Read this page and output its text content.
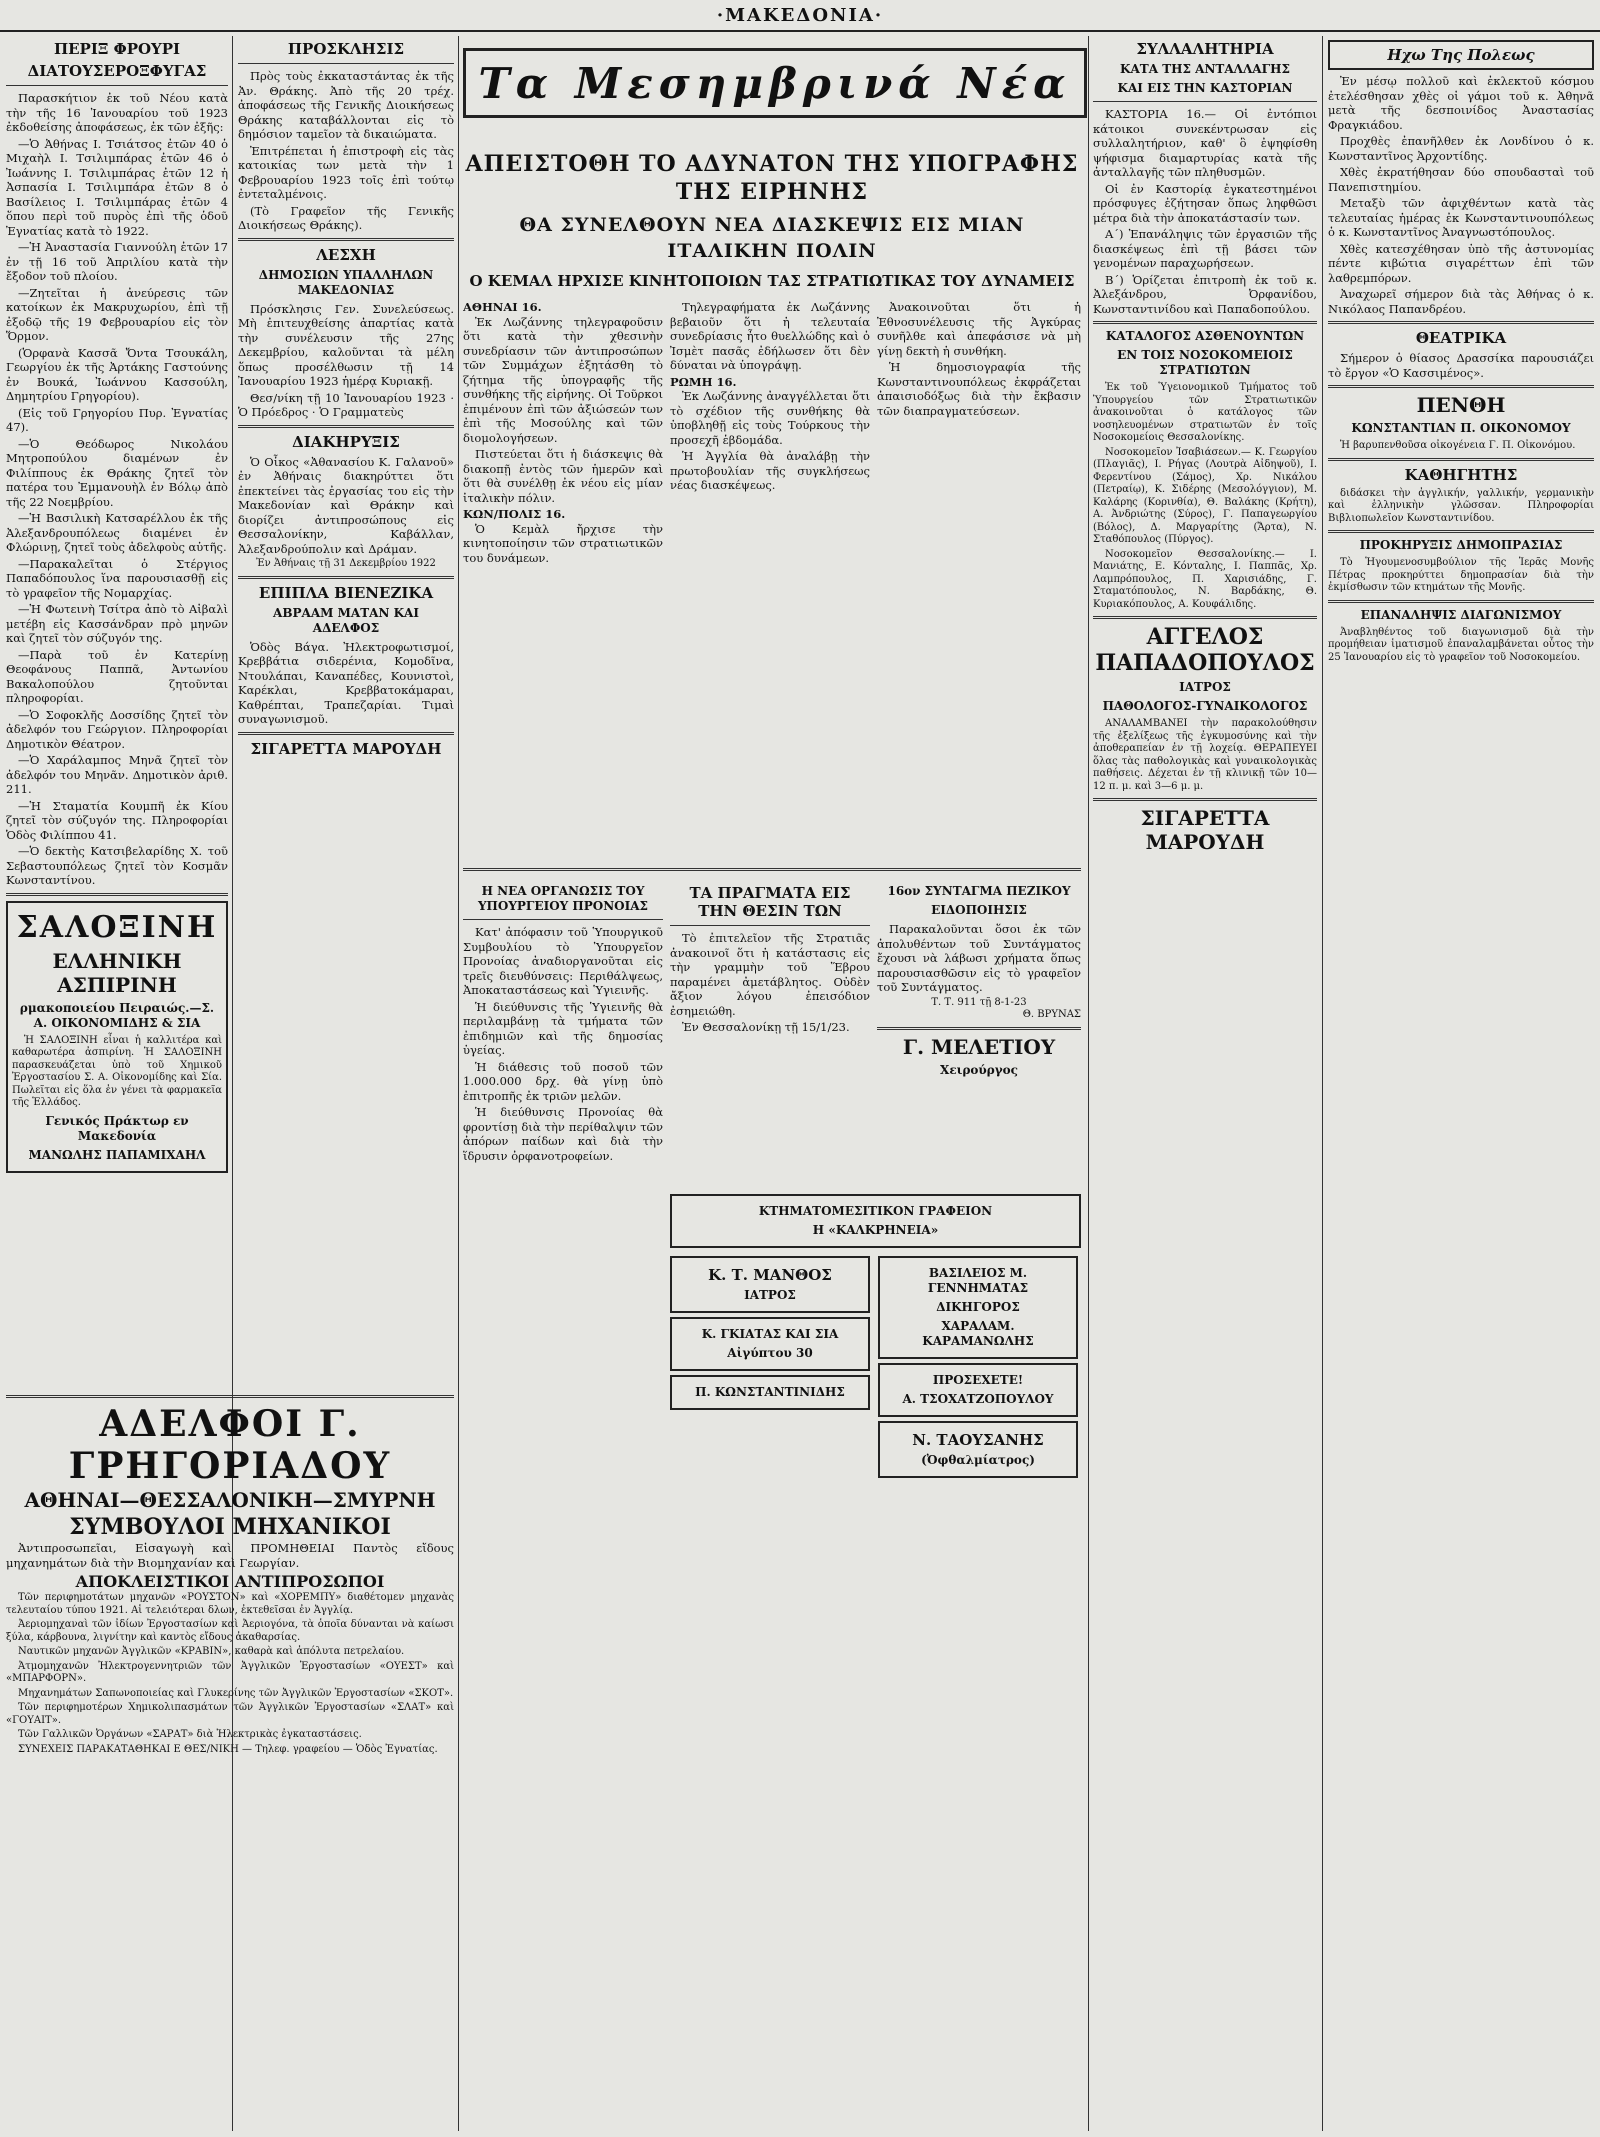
·ΜΑΚΕΔΟΝΙΑ·
ΠΕΡΙΞ ΦΡΟΥΡΙ
ΔΙΑΤΟΥΣΕΡΟΞΦΥΓΑΣ

Παρασκήτιον ἐκ τοῦ Νέου κατὰ τὴν τῆς 16 Ἰανουαρίου τοῦ 1923 ἐκδοθείσης ἀποφάσεως, ἐκ τῶν ἐξῆς:

—Ὁ Ἀθήνας Ι. Τσιάτσος ἐτῶν 40 ὁ Μιχαὴλ Ι. Τσιλιμπάρας ἐτῶν 46 ὁ Ἰωάννης Ι. Τσιλιμπάρας ἐτῶν 12 ἡ Ἀσπασία Ι. Τσιλιμπάρα ἐτῶν 8 ὁ Βασίλειος Ι. Τσιλιμπάρας ἐτῶν 4 ὅπου περὶ τοῦ πυρὸς ἐπὶ τῆς ὁδοῦ Ἐγνατίας κατὰ τὸ 1922.

—Ἡ Ἀναστασία Γιαννούλη ἐτῶν 17 ἐν τῇ 16 τοῦ Ἀπριλίου κατὰ τὴν ἔξοδον τοῦ πλοίου.

—Ζητεῖται ἡ ἀνεύρεσις τῶν κατοίκων ἐκ Μακρυχωρίου, ἐπὶ τῇ ἐξοδῷ τῆς 19 Φεβρουαρίου εἰς τὸν Ὅρμον.

(Ὁρφανὰ Κασσᾶ Ὄντα Τσουκάλη, Γεωργίου ἐκ τῆς Ἀρτάκης Γαστούνης ἐν Βουκά, Ἰωάννου Κασσούλη, Δημητρίου Γρηγορίου).

(Εἰς τοῦ Γρηγορίου Πυρ. Ἐγνατίας 47).

—Ὁ Θεόδωρος Νικολάου Μητροπούλου διαμένων ἐν Φιλίππους ἐκ Θράκης ζητεῖ τὸν πατέρα του Ἐμμανουὴλ ἐν Βόλῳ ἀπὸ τῆς 22 Νοεμβρίου.

—Ἡ Βασιλικὴ Κατσαρέλλου ἐκ τῆς Ἀλεξανδρουπόλεως διαμένει ἐν Φλώρινῃ, ζητεῖ τοὺς ἀδελφοὺς αὐτῆς.

—Παρακαλεῖται ὁ Στέργιος Παπαδόπουλος ἵνα παρουσιασθῇ εἰς τὸ γραφεῖον τῆς Νομαρχίας.

—Ἡ Φωτεινὴ Τσίτρα ἀπὸ τὸ Αἰβαλὶ μετέβη εἰς Κασσάνδραν πρὸ μηνῶν καὶ ζητεῖ τὸν σύζυγόν της.

—Παρὰ τοῦ ἐν Κατερίνῃ Θεοφάνους Παππᾶ, Ἀντωνίου Βακαλοπούλου ζητοῦνται πληροφορίαι.

—Ὁ Σοφοκλῆς Δοσσίδης ζητεῖ τὸν ἀδελφόν του Γεώργιον. Πληροφορίαι Δημοτικὸν Θέατρον.

—Ὁ Χαράλαμπος Μηνᾶ ζητεῖ τὸν ἀδελφόν του Μηνᾶν. Δημοτικὸν ἀριθ. 211.

—Ἡ Σταματία Κουμπῆ ἐκ Κίου ζητεῖ τὸν σύζυγόν της. Πληροφορίαι Ὁδὸς Φιλίππου 41.

—Ὁ δεκτὴς Κατσιβελαρίδης Χ. τοῦ Σεβαστουπόλεως ζητεῖ τὸν Κοσμᾶν Κωνσταντίνου.

ΣΑΛΟΞΙΝΗ
ΕΛΛΗΝΙΚΗ ΑΣΠΙΡΙΝΗ
ρμακοποιείου Πειραιώς.—Σ. Α. ΟΙΚΟΝΟΜΙΔΗΣ & ΣΙΑ

Ἡ ΣΑΛΟΞΙΝΗ εἶναι ἡ καλλιτέρα καὶ καθαρωτέρα ἀσπιρίνη. Ἡ ΣΑΛΟΞΙΝΗ παρασκευάζεται ὑπὸ τοῦ Χημικοῦ Ἐργοστασίου Σ. Α. Οἰκονομίδης καὶ Σία. Πωλεῖται εἰς ὅλα ἐν γένει τὰ φαρμακεῖα τῆς Ἑλλάδος.

Γενικός Πράκτωρ εν Μακεδονία
ΜΑΝΩΛΗΣ ΠΑΠΑΜΙΧΑΗΛ
ΠΡΟΣΚΛΗΣΙΣ

Πρὸς τοὺς ἐκκαταστάντας ἐκ τῆς Ἀν. Θράκης. Ἀπὸ τῆς 20 τρέχ. ἀποφάσεως τῆς Γενικῆς Διοικήσεως Θράκης καταβάλλονται εἰς τὸ δημόσιον ταμεῖον τὰ δικαιώματα.

Ἐπιτρέπεται ἡ ἐπιστροφὴ εἰς τὰς κατοικίας των μετὰ τὴν 1 Φεβρουαρίου 1923 τοῖς ἐπὶ τούτῳ ἐντεταλμένοις.

(Τὸ Γραφεῖον τῆς Γενικῆς Διοικήσεως Θράκης).

ΛΕΣΧΗ
ΔΗΜΟΣΙΩΝ ΥΠΑΛΛΗΛΩΝ ΜΑΚΕΔΟΝΙΑΣ

Πρόσκλησις Γεν. Συνελεύσεως. Μὴ ἐπιτευχθείσης ἀπαρτίας κατὰ τὴν συνέλευσιν τῆς 27ης Δεκεμβρίου, καλοῦνται τὰ μέλη ὅπως προσέλθωσιν τῇ 14 Ἰανουαρίου 1923 ἡμέρᾳ Κυριακῇ.

Θεσ/νίκη τῇ 10 Ἰανουαρίου 1923 · Ὁ Πρόεδρος · Ὁ Γραμματεὺς

ΔΙΑΚΗΡΥΞΙΣ

Ὁ Οἶκος «Ἀθανασίου Κ. Γαλανοῦ» ἐν Ἀθήναις διακηρύττει ὅτι ἐπεκτείνει τὰς ἐργασίας του εἰς τὴν Μακεδονίαν καὶ Θράκην καὶ διορίζει ἀντιπροσώπους εἰς Θεσσαλονίκην, Καβάλλαν, Ἀλεξανδρούπολιν καὶ Δράμαν.

Ἐν Ἀθήναις τῇ 31 Δεκεμβρίου 1922
ΕΠΙΠΛΑ ΒΙΕΝΕΖΙΚΑ
ΑΒΡΑΑΜ ΜΑΤΑΝ ΚΑΙ ΑΔΕΛΦΟΣ

Ὁδὸς Βάγα. Ἠλεκτροφωτισμοί, Κρεββάτια σιδερένια, Κομοδῖνα, Ντουλάπαι, Καναπέδες, Κουνιστοὶ, Καρέκλαι, Κρεββατοκάμαραι, Καθρέπται, Τραπεζαρίαι. Τιμαὶ συναγωνισμοῦ.

ΣΙΓΑΡΕΤΤΑ ΜΑΡΟΥΔΗ
Τα Μεσημβρινά Νέα
ΑΠΕΙΣΤΟΘΗ ΤΟ ΑΔΥΝΑΤΟΝ ΤΗΣ ΥΠΟΓΡΑΦΗΣ ΤΗΣ ΕΙΡΗΝΗΣ
ΘΑ ΣΥΝΕΛΘΟΥΝ ΝΕΑ ΔΙΑΣΚΕΨΙΣ ΕΙΣ ΜΙΑΝ ΙΤΑΛΙΚΗΝ ΠΟΛΙΝ
Ο ΚΕΜΑΛ ΗΡΧΙΣΕ ΚΙΝΗΤΟΠΟΙΩΝ ΤΑΣ ΣΤΡΑΤΙΩΤΙΚΑΣ ΤΟΥ ΔΥΝΑΜΕΙΣ
ΑΘΗΝΑΙ 16.

Ἐκ Λωζάννης τηλεγραφοῦσιν ὅτι κατὰ τὴν χθεσινὴν συνεδρίασιν τῶν ἀντιπροσώπων τῶν Συμμάχων ἐξητάσθη τὸ ζήτημα τῆς ὑπογραφῆς τῆς συνθήκης τῆς εἰρήνης. Οἱ Τοῦρκοι ἐπιμένουν ἐπὶ τῶν ἀξιώσεών των ἐπὶ τῆς Μοσούλης καὶ τῶν διομολογήσεων.

Πιστεύεται ὅτι ἡ διάσκεψις θὰ διακοπῇ ἐντὸς τῶν ἡμερῶν καὶ ὅτι θὰ συνέλθῃ ἐκ νέου εἰς μίαν ἰταλικὴν πόλιν.

ΚΩΝ/ΠΟΛΙΣ 16.

Ὁ Κεμὰλ ἤρχισε τὴν κινητοποίησιν τῶν στρατιωτικῶν του δυνάμεων.

Τηλεγραφήματα ἐκ Λωζάννης βεβαιοῦν ὅτι ἡ τελευταία συνεδρίασις ἦτο θυελλώδης καὶ ὁ Ἰσμὲτ πασᾶς ἐδήλωσεν ὅτι δὲν δύναται νὰ ὑπογράψῃ.

ΡΩΜΗ 16.

Ἐκ Λωζάννης ἀναγγέλλεται ὅτι τὸ σχέδιον τῆς συνθήκης θὰ ὑποβληθῇ εἰς τοὺς Τούρκους τὴν προσεχῆ ἑβδομάδα.

Ἡ Ἀγγλία θὰ ἀναλάβῃ τὴν πρωτοβουλίαν τῆς συγκλήσεως νέας διασκέψεως.

Ἀνακοινοῦται ὅτι ἡ Ἐθνοσυνέλευσις τῆς Ἀγκύρας συνῆλθε καὶ ἀπεφάσισε νὰ μὴ γίνῃ δεκτὴ ἡ συνθήκη.

Ἡ δημοσιογραφία τῆς Κωνσταντινουπόλεως ἐκφράζεται ἀπαισιοδόξως διὰ τὴν ἔκβασιν τῶν διαπραγματεύσεων.

Η ΝΕΑ ΟΡΓΑΝΩΣΙΣ ΤΟΥ ΥΠΟΥΡΓΕΙΟΥ ΠΡΟΝΟΙΑΣ

Κατ' ἀπόφασιν τοῦ Ὑπουργικοῦ Συμβουλίου τὸ Ὑπουργεῖον Προνοίας ἀναδιοργανοῦται εἰς τρεῖς διευθύνσεις: Περιθάλψεως, Ἀποκαταστάσεως καὶ Ὑγιεινῆς.

Ἡ διεύθυνσις τῆς Ὑγιεινῆς θὰ περιλαμβάνῃ τὰ τμήματα τῶν ἐπιδημιῶν καὶ τῆς δημοσίας ὑγείας.

Ἡ διάθεσις τοῦ ποσοῦ τῶν 1.000.000 δρχ. θὰ γίνῃ ὑπὸ ἐπιτροπῆς ἐκ τριῶν μελῶν.

Ἡ διεύθυνσις Προνοίας θὰ φροντίσῃ διὰ τὴν περίθαλψιν τῶν ἀπόρων παίδων καὶ διὰ τὴν ἵδρυσιν ὀρφανοτροφείων.

ΤΑ ΠΡΑΓΜΑΤΑ ΕΙΣ ΤΗΝ ΘΕΣΙΝ ΤΩΝ

Τὸ ἐπιτελεῖον τῆς Στρατιᾶς ἀνακοινοῖ ὅτι ἡ κατάστασις εἰς τὴν γραμμὴν τοῦ Ἕβρου παραμένει ἀμετάβλητος. Οὐδὲν ἄξιον λόγου ἐπεισόδιον ἐσημειώθη.

Ἐν Θεσσαλονίκῃ τῇ 15/1/23.

16ον ΣΥΝΤΑΓΜΑ ΠΕΖΙΚΟΥ
ΕΙΔΟΠΟΙΗΣΙΣ

Παρακαλοῦνται ὅσοι ἐκ τῶν ἀπολυθέντων τοῦ Συντάγματος ἔχουσι νὰ λάβωσι χρήματα ὅπως παρουσιασθῶσιν εἰς τὸ γραφεῖον τοῦ Συντάγματος.

Τ. Τ. 911 τῇ 8-1-23
Θ. ΒΡΥΝΑΣ
Γ. ΜΕΛΕΤΙΟΥ
Χειρούργος
ΚΤΗΜΑΤΟΜΕΣΙΤΙΚΟΝ ΓΡΑΦΕΙΟΝ
Η «ΚΑΛΚΡΗΝΕΙΑ»
Κ. Τ. ΜΑΝΘΟΣ
ΙΑΤΡΟΣ
Κ. ΓΚΙΑΤΑΣ ΚΑΙ ΣΙΑ
Αἰγύπτου 30
Π. ΚΩΝΣΤΑΝΤΙΝΙΔΗΣ
ΒΑΣΙΛΕΙΟΣ Μ. ΓΕΝΝΗΜΑΤΑΣ
ΔΙΚΗΓΟΡΟΣ
ΧΑΡΑΛΑΜ. ΚΑΡΑΜΑΝΩΛΗΣ
ΠΡΟΣΕΧΕΤΕ!
Α. ΤΣΟΧΑΤΖΟΠΟΥΛΟΥ
Ν. ΤΑΟΥΣΑΝΗΣ
(Ὀφθαλμίατρος)
ΣΥΛΛΑΛΗΤΗΡΙΑ
ΚΑΤΑ ΤΗΣ ΑΝΤΑΛΛΑΓΗΣ
ΚΑΙ ΕΙΣ ΤΗΝ ΚΑΣΤΟΡΙΑΝ

ΚΑΣΤΟΡΙΑ 16.— Οἱ ἐντόπιοι κάτοικοι συνεκέντρωσαν εἰς συλλαλητήριον, καθ' ὃ ἐψηφίσθη ψήφισμα διαμαρτυρίας κατὰ τῆς ἀνταλλαγῆς τῶν πληθυσμῶν.

Οἱ ἐν Καστορίᾳ ἐγκατεστημένοι πρόσφυγες ἐζήτησαν ὅπως ληφθῶσι μέτρα διὰ τὴν ἀποκατάστασίν των.

Α΄) Ἐπανάληψις τῶν ἐργασιῶν τῆς διασκέψεως ἐπὶ τῇ βάσει τῶν γενομένων παραχωρήσεων.

Β΄) Ὁρίζεται ἐπιτροπὴ ἐκ τοῦ κ. Ἀλεξάνδρου, Ὀρφανίδου, Κωνσταντινίδου καὶ Παπαδοπούλου.

ΚΑΤΑΛΟΓΟΣ ΑΣΘΕΝΟΥΝΤΩΝ
ΕΝ ΤΟΙΣ ΝΟΣΟΚΟΜΕΙΟΙΣ ΣΤΡΑΤΙΩΤΩΝ

Ἐκ τοῦ Ὑγειονομικοῦ Τμήματος τοῦ Ὑπουργείου τῶν Στρατιωτικῶν ἀνακοινοῦται ὁ κατάλογος τῶν νοσηλευομένων στρατιωτῶν ἐν τοῖς Νοσοκομείοις Θεσσαλονίκης.

Νοσοκομεῖον Ἰσαβιάσεων.— Κ. Γεωργίου (Πλαγιᾶς), Ι. Ρήγας (Λουτρὰ Αἰδηψοῦ), Ι. Φερεντίνου (Σάμος), Χρ. Νικάλου (Πετραίῳ), Κ. Σιδέρης (Μεσολόγγιον), Μ. Καλάρης (Κορινθία), Θ. Βαλάκης (Κρήτη), Α. Ἀνδριώτης (Σύρος), Γ. Παπαγεωργίου (Βόλος), Δ. Μαργαρίτης (Ἄρτα), Ν. Σταθόπουλος (Πύργος).

Νοσοκομεῖον Θεσσαλονίκης.— Ι. Μανιάτης, Ε. Κόνταλης, Ι. Παππᾶς, Χρ. Λαμπρόπουλος, Π. Χαρισιάδης, Γ. Σταματόπουλος, Ν. Βαρδάκης, Θ. Κυριακόπουλος, Α. Κουφάλιδης.

ΑΓΓΕΛΟΣ ΠΑΠΑΔΟΠΟΥΛΟΣ
ΙΑΤΡΟΣ
ΠΑΘΟΛΟΓΟΣ-ΓΥΝΑΙΚΟΛΟΓΟΣ

ΑΝΑΛΑΜΒΑΝΕΙ τὴν παρακολούθησιν τῆς ἐξελίξεως τῆς ἐγκυμοσύνης καὶ τὴν ἀποθεραπείαν ἐν τῇ λοχείᾳ. ΘΕΡΑΠΕΥΕΙ ὅλας τὰς παθολογικὰς καὶ γυναικολογικὰς παθήσεις. Δέχεται ἐν τῇ κλινικῇ τῶν 10—12 π. μ. καὶ 3—6 μ. μ.

ΣΙΓΑΡΕΤΤΑ ΜΑΡΟΥΔΗ
Ηχω Της Πολεως

Ἐν μέσῳ πολλοῦ καὶ ἐκλεκτοῦ κόσμου ἐτελέσθησαν χθὲς οἱ γάμοι τοῦ κ. Ἀθηνᾶ μετὰ τῆς δεσποινίδος Ἀναστασίας Φραγκιάδου.

Προχθὲς ἐπανῆλθεν ἐκ Λονδίνου ὁ κ. Κωνσταντῖνος Ἀρχοντίδης.

Χθὲς ἐκρατήθησαν δύο σπουδασταὶ τοῦ Πανεπιστημίου.

Μεταξὺ τῶν ἀφιχθέντων κατὰ τὰς τελευταίας ἡμέρας ἐκ Κωνσταντινουπόλεως ὁ κ. Κωνσταντῖνος Ἀναγνωστόπουλος.

Χθὲς κατεσχέθησαν ὑπὸ τῆς ἀστυνομίας πέντε κιβώτια σιγαρέττων ἐπὶ τῶν λαθρεμπόρων.

Ἀναχωρεῖ σήμερον διὰ τὰς Ἀθήνας ὁ κ. Νικόλαος Παπανδρέου.

ΘΕΑΤΡΙΚΑ

Σήμερον ὁ θίασος Δρασσίκα παρουσιάζει τὸ ἔργον «Ὁ Κασσιμένος».

ΠΕΝΘΗ
ΚΩΝΣΤΑΝΤΙΑΝ Π. ΟΙΚΟΝΟΜΟΥ

Ἡ βαρυπενθοῦσα οἰκογένεια Γ. Π. Οἰκονόμου.

ΚΑΘΗΓΗΤΗΣ

διδάσκει τὴν ἀγγλικήν, γαλλικήν, γερμανικὴν καὶ ἑλληνικὴν γλῶσσαν. Πληροφορίαι Βιβλιοπωλεῖον Κωνσταντινίδου.

ΠΡΟΚΗΡΥΞΙΣ ΔΗΜΟΠΡΑΣΙΑΣ

Τὸ Ἡγουμενοσυμβούλιον τῆς Ἱερᾶς Μονῆς Πέτρας προκηρύττει δημοπρασίαν διὰ τὴν ἐκμίσθωσιν τῶν κτημάτων τῆς Μονῆς.

ΕΠΑΝΑΛΗΨΙΣ ΔΙΑΓΩΝΙΣΜΟΥ

Ἀναβληθέντος τοῦ διαγωνισμοῦ διὰ τὴν προμήθειαν ἱματισμοῦ ἐπαναλαμβάνεται οὗτος τὴν 25 Ἰανουαρίου εἰς τὸ γραφεῖον τοῦ Νοσοκομείου.

ΑΔΕΛΦΟΙ Γ. ΓΡΗΓΟΡΙΑΔΟΥ
ΑΘΗΝΑΙ—ΘΕΣΣΑΛΟΝΙΚΗ—ΣΜΥΡΝΗ
ΣΥΜΒΟΥΛΟΙ ΜΗΧΑΝΙΚΟΙ

Ἀντιπροσωπεῖαι, Εἰσαγωγὴ καὶ ΠΡΟΜΗΘΕΙΑΙ Παντὸς εἴδους μηχανημάτων διὰ τὴν Βιομηχανίαν καὶ Γεωργίαν.

ΑΠΟΚΛΕΙΣΤΙΚΟΙ ΑΝΤΙΠΡΟΣΩΠΟΙ

Τῶν περιφημοτάτων μηχανῶν «ΡΟΥΣΤΟΝ» καὶ «ΧΟΡΕΜΠΥ» διαθέτομεν μηχανὰς τελευταίου τύπου 1921. Αἱ τελειότεραι δλων, ἐκτεθεῖσαι ἐν Ἀγγλίᾳ.

Ἀεριομηχαναὶ τῶν ἰδίων Ἐργοστασίων καὶ Ἀεριογόνα, τὰ ὁποῖα δύνανται νὰ καίωσι ξύλα, κάρβουνα, λιγνίτην καὶ καντὸς εἴδους ἀκαθαρσίας.

Ναυτικῶν μηχανῶν Ἀγγλικῶν «ΚΡΑΒΙΝ», καθαρὰ καὶ ἀπόλυτα πετρελαίου.

Ἀτμομηχανῶν Ἠλεκτρογεννητριῶν τῶν Ἀγγλικῶν Ἐργοστασίων «ΟΥΕΣΤ» καὶ «ΜΠΑΡΦΟΡΝ».

Μηχανημάτων Σαπωνοποιείας καὶ Γλυκερίνης τῶν Ἀγγλικῶν Ἐργοστασίων «ΣΚΟΤ».

Τῶν περιφημοτέρων Χημικολιπασμάτων τῶν Ἀγγλικῶν Ἐργοστασίων «ΣΛΑΤ» καὶ «ΓΟΥΑΙΤ».

Τῶν Γαλλικῶν Ὀργάνων «ΣΑΡΑΤ» διὰ Ἠλεκτρικὰς ἐγκαταστάσεις.

ΣΥΝΕΧΕΙΣ ΠΑΡΑΚΑΤΑΘΗΚΑΙ Ε ΘΕΣ/ΝΙΚΗ — Τηλεφ. γραφείου — Ὁδὸς Ἐγνατίας.
